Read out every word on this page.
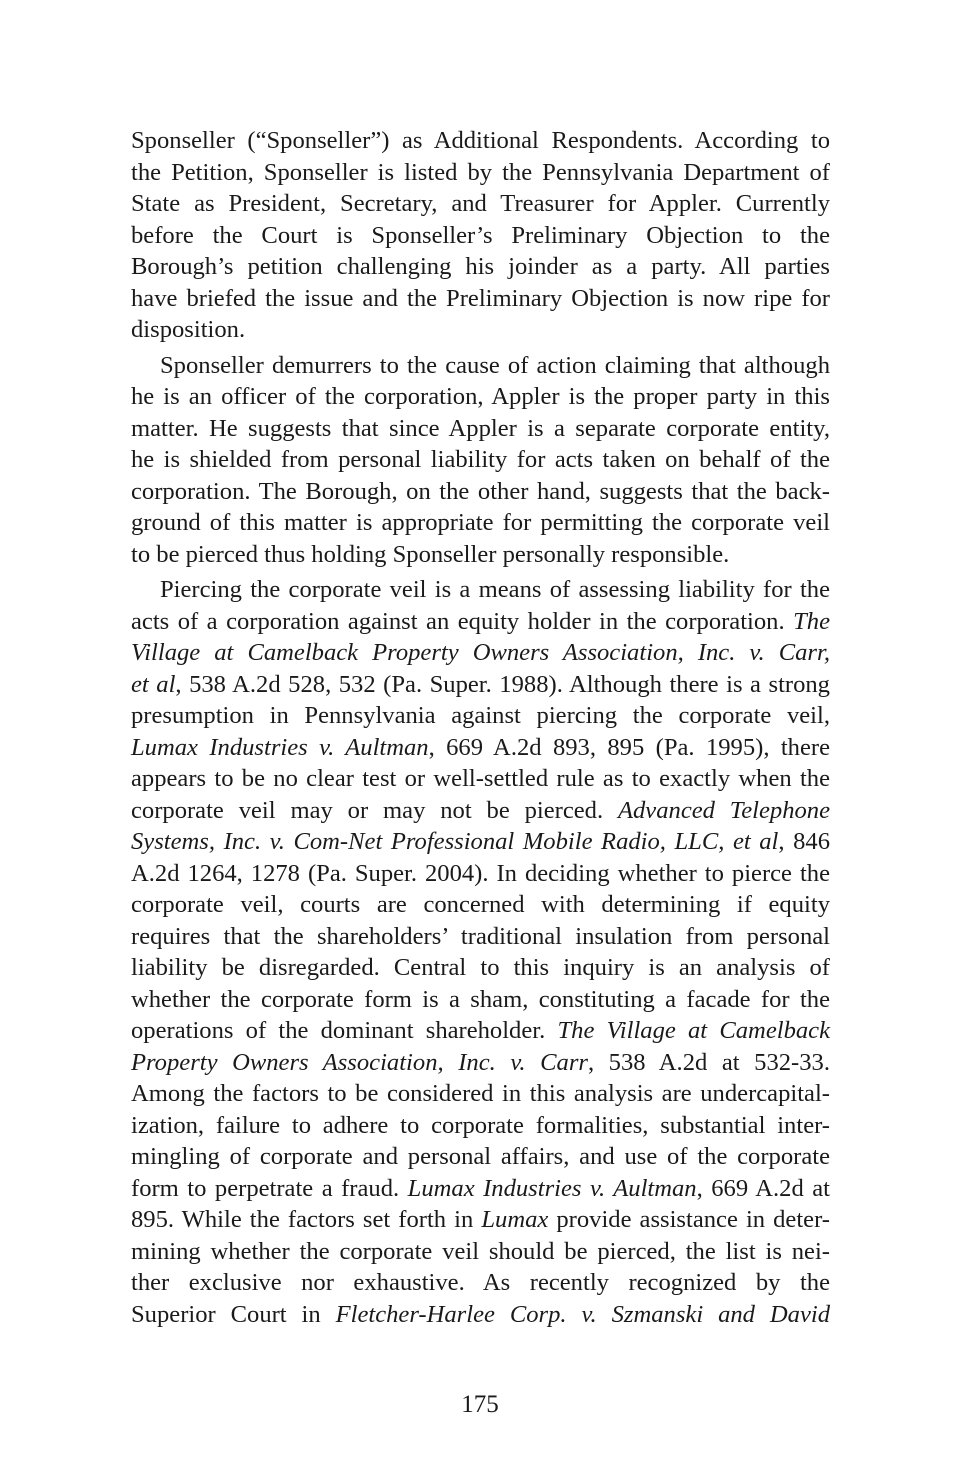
Sponseller (“Sponseller”) as Additional Respondents. According to
the Petition, Sponseller is listed by the Pennsylvania Department of
State as President, Secretary, and Treasurer for Appler. Currently
before the Court is Sponseller’s Preliminary Objection to the
Borough’s petition challenging his joinder as a party. All parties
have briefed the issue and the Preliminary Objection is now ripe for
disposition.
Sponseller demurrers to the cause of action claiming that although
he is an officer of the corporation, Appler is the proper party in this
matter. He suggests that since Appler is a separate corporate entity,
he is shielded from personal liability for acts taken on behalf of the
corporation. The Borough, on the other hand, suggests that the back-
ground of this matter is appropriate for permitting the corporate veil
to be pierced thus holding Sponseller personally responsible.
Piercing the corporate veil is a means of assessing liability for the
acts of a corporation against an equity holder in the corporation. The
Village at Camelback Property Owners Association, Inc. v. Carr,
et al, 538 A.2d 528, 532 (Pa. Super. 1988). Although there is a strong
presumption in Pennsylvania against piercing the corporate veil,
Lumax Industries v. Aultman, 669 A.2d 893, 895 (Pa. 1995), there
appears to be no clear test or well-settled rule as to exactly when the
corporate veil may or may not be pierced. Advanced Telephone
Systems, Inc. v. Com-Net Professional Mobile Radio, LLC, et al, 846
A.2d 1264, 1278 (Pa. Super. 2004). In deciding whether to pierce the
corporate veil, courts are concerned with determining if equity
requires that the shareholders’ traditional insulation from personal
liability be disregarded. Central to this inquiry is an analysis of
whether the corporate form is a sham, constituting a facade for the
operations of the dominant shareholder. The Village at Camelback
Property Owners Association, Inc. v. Carr, 538 A.2d at 532-33.
Among the factors to be considered in this analysis are undercapital-
ization, failure to adhere to corporate formalities, substantial inter-
mingling of corporate and personal affairs, and use of the corporate
form to perpetrate a fraud. Lumax Industries v. Aultman, 669 A.2d at
895. While the factors set forth in Lumax provide assistance in deter-
mining whether the corporate veil should be pierced, the list is nei-
ther exclusive nor exhaustive. As recently recognized by the
Superior Court in Fletcher-Harlee Corp. v. Szmanski and David
175
